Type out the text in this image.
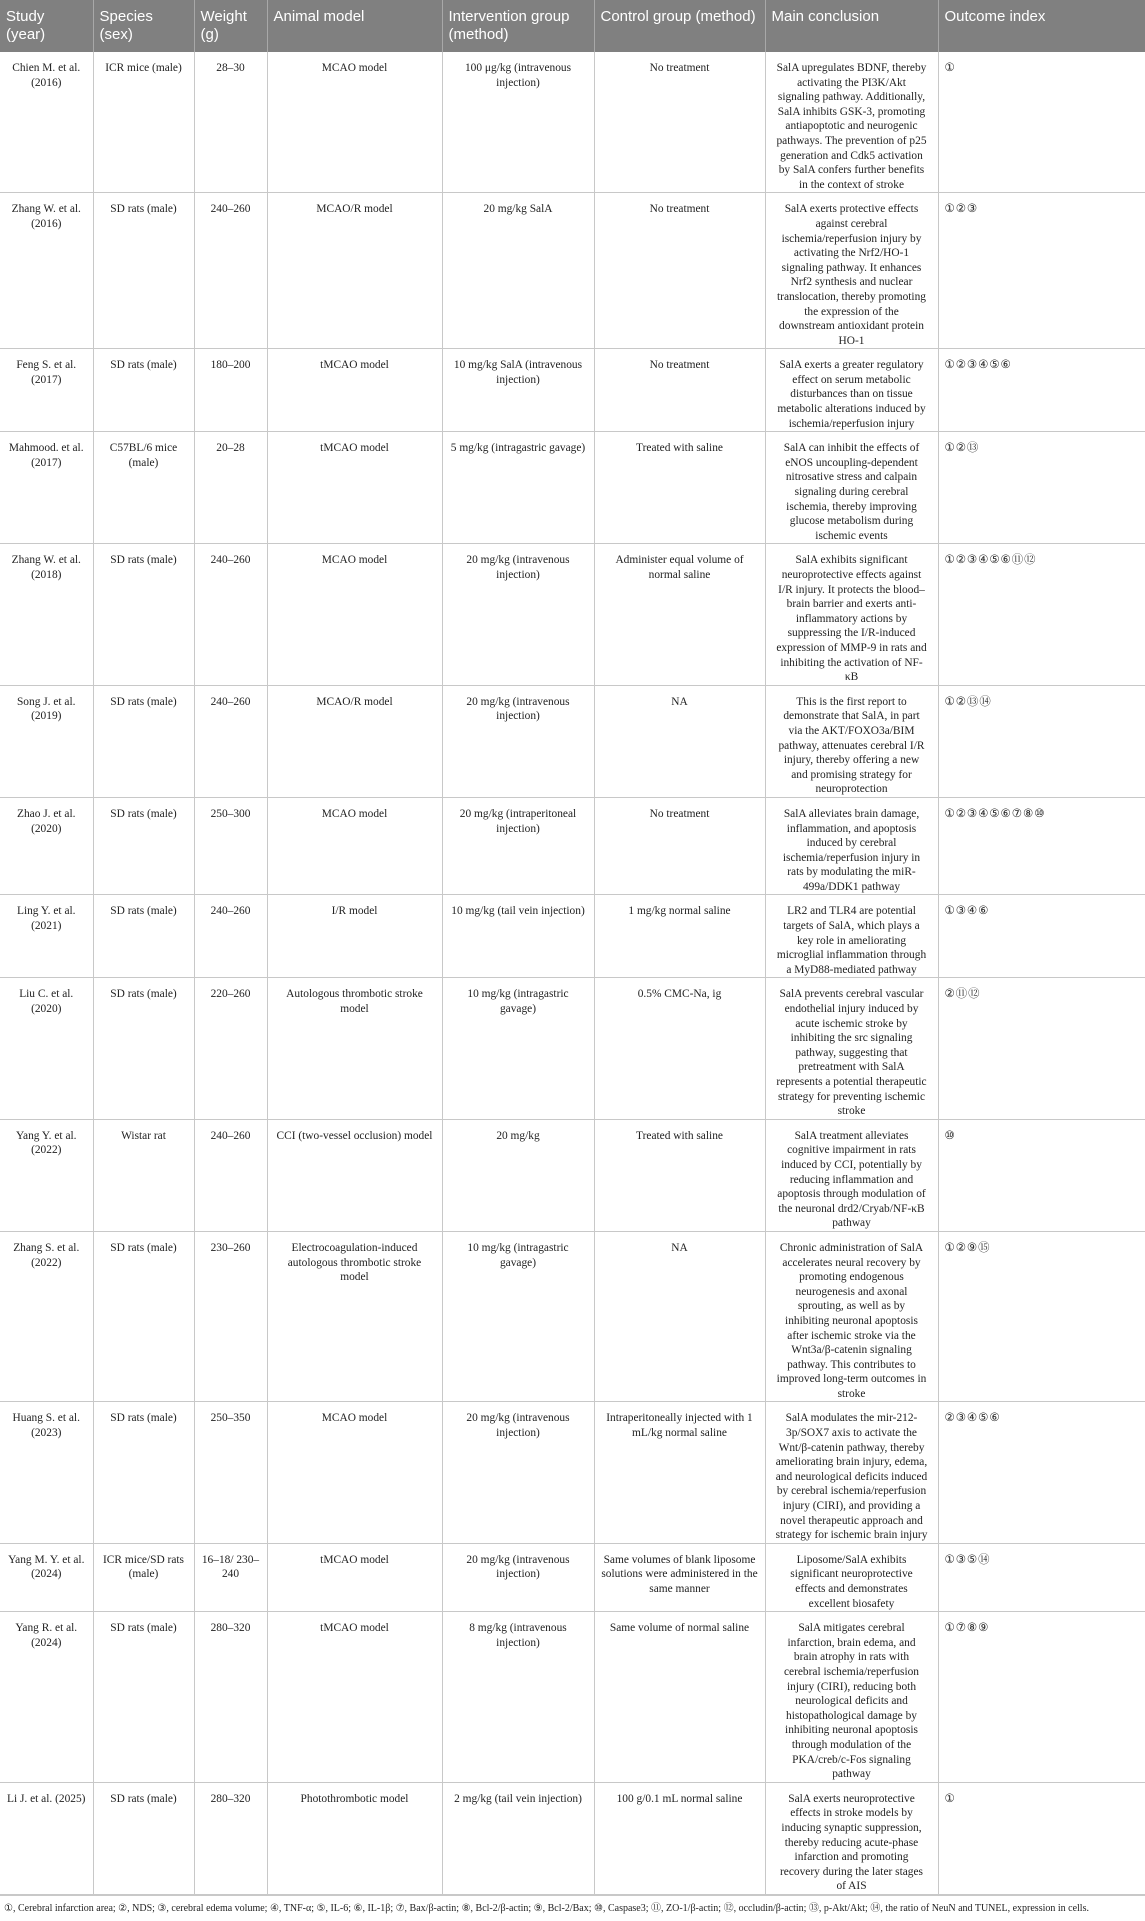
Study (year)	Species (sex)	Weight (g)	Animal model	Intervention group (method)	Control group (method)	Main conclusion	Outcome index
Chien M. et al. (2016)	ICR mice (male)	28–30	MCAO model	100 μg/kg (intravenous injection)	No treatment	SalA upregulates BDNF, thereby activating the PI3K/Akt signaling pathway. Additionally, SalA inhibits GSK-3, promoting antiapoptotic and neurogenic pathways. The prevention of p25 generation and Cdk5 activation by SalA confers further benefits in the context of stroke	①
Zhang W. et al. (2016)	SD rats (male)	240–260	MCAO/R model	20 mg/kg SalA	No treatment	SalA exerts protective effects against cerebral ischemia/reperfusion injury by activating the Nrf2/HO-1 signaling pathway. It enhances Nrf2 synthesis and nuclear translocation, thereby promoting the expression of the downstream antioxidant protein HO-1	①②③
Feng S. et al. (2017)	SD rats (male)	180–200	tMCAO model	10 mg/kg SalA (intravenous injection)	No treatment	SalA exerts a greater regulatory effect on serum metabolic disturbances than on tissue metabolic alterations induced by ischemia/reperfusion injury	①②③④⑤⑥
Mahmood. et al. (2017)	C57BL/6 mice (male)	20–28	tMCAO model	5 mg/kg (intragastric gavage)	Treated with saline	SalA can inhibit the effects of eNOS uncoupling-dependent nitrosative stress and calpain signaling during cerebral ischemia, thereby improving glucose metabolism during ischemic events	①②⑬
Zhang W. et al. (2018)	SD rats (male)	240–260	MCAO model	20 mg/kg (intravenous injection)	Administer equal volume of normal saline	SalA exhibits significant neuroprotective effects against I/R injury. It protects the blood–brain barrier and exerts anti-inflammatory actions by suppressing the I/R-induced expression of MMP-9 in rats and inhibiting the activation of NF-κB	①②③④⑤⑥⑪⑫
Song J. et al. (2019)	SD rats (male)	240–260	MCAO/R model	20 mg/kg (intravenous injection)	NA	This is the first report to demonstrate that SalA, in part via the AKT/FOXO3a/BIM pathway, attenuates cerebral I/R injury, thereby offering a new and promising strategy for neuroprotection	①②⑬⑭
Zhao J. et al. (2020)	SD rats (male)	250–300	MCAO model	20 mg/kg (intraperitoneal injection)	No treatment	SalA alleviates brain damage, inflammation, and apoptosis induced by cerebral ischemia/reperfusion injury in rats by modulating the miR-499a/DDK1 pathway	①②③④⑤⑥⑦⑧⑩
Ling Y. et al. (2021)	SD rats (male)	240–260	I/R model	10 mg/kg (tail vein injection)	1 mg/kg normal saline	LR2 and TLR4 are potential targets of SalA, which plays a key role in ameliorating microglial inflammation through a MyD88-mediated pathway	①③④⑥
Liu C. et al. (2020)	SD rats (male)	220–260	Autologous thrombotic stroke model	10 mg/kg (intragastric gavage)	0.5% CMC-Na, ig	SalA prevents cerebral vascular endothelial injury induced by acute ischemic stroke by inhibiting the src signaling pathway, suggesting that pretreatment with SalA represents a potential therapeutic strategy for preventing ischemic stroke	②⑪⑫
Yang Y. et al. (2022)	Wistar rat	240–260	CCI (two-vessel occlusion) model	20 mg/kg	Treated with saline	SalA treatment alleviates cognitive impairment in rats induced by CCI, potentially by reducing inflammation and apoptosis through modulation of the neuronal drd2/Cryab/NF-κB pathway	⑩
Zhang S. et al. (2022)	SD rats (male)	230–260	Electrocoagulation-induced autologous thrombotic stroke model	10 mg/kg (intragastric gavage)	NA	Chronic administration of SalA accelerates neural recovery by promoting endogenous neurogenesis and axonal sprouting, as well as by inhibiting neuronal apoptosis after ischemic stroke via the Wnt3a/β-catenin signaling pathway. This contributes to improved long-term outcomes in stroke	①②⑨⑮
Huang S. et al. (2023)	SD rats (male)	250–350	MCAO model	20 mg/kg (intravenous injection)	Intraperitoneally injected with 1 mL/kg normal saline	SalA modulates the mir-212-3p/SOX7 axis to activate the Wnt/β-catenin pathway, thereby ameliorating brain injury, edema, and neurological deficits induced by cerebral ischemia/reperfusion injury (CIRI), and providing a novel therapeutic approach and strategy for ischemic brain injury	②③④⑤⑥
Yang M. Y. et al. (2024)	ICR mice/SD rats (male)	16–18/ 230–240	tMCAO model	20 mg/kg (intravenous injection)	Same volumes of blank liposome solutions were administered in the same manner	Liposome/SalA exhibits significant neuroprotective effects and demonstrates excellent biosafety	①③⑤⑭
Yang R. et al. (2024)	SD rats (male)	280–320	tMCAO model	8 mg/kg (intravenous injection)	Same volume of normal saline	SalA mitigates cerebral infarction, brain edema, and brain atrophy in rats with cerebral ischemia/reperfusion injury (CIRI), reducing both neurological deficits and histopathological damage by inhibiting neuronal apoptosis through modulation of the PKA/creb/c-Fos signaling pathway	①⑦⑧⑨
Li J. et al. (2025)	SD rats (male)	280–320	Photothrombotic model	2 mg/kg (tail vein injection)	100 g/0.1 mL normal saline	SalA exerts neuroprotective effects in stroke models by inducing synaptic suppression, thereby reducing acute-phase infarction and promoting recovery during the later stages of AIS	①
①, Cerebral infarction area; ②, NDS; ③, cerebral edema volume; ④, TNF-α; ⑤, IL-6; ⑥, IL-1β; ⑦, Bax/β-actin; ⑧, Bcl-2/β-actin; ⑨, Bcl-2/Bax; ⑩, Caspase3; ⑪, ZO-1/β-actin; ⑫, occludin/β-actin; ⑬, p-Akt/Akt; ⑭, the ratio of NeuN and TUNEL, expression in cells.
